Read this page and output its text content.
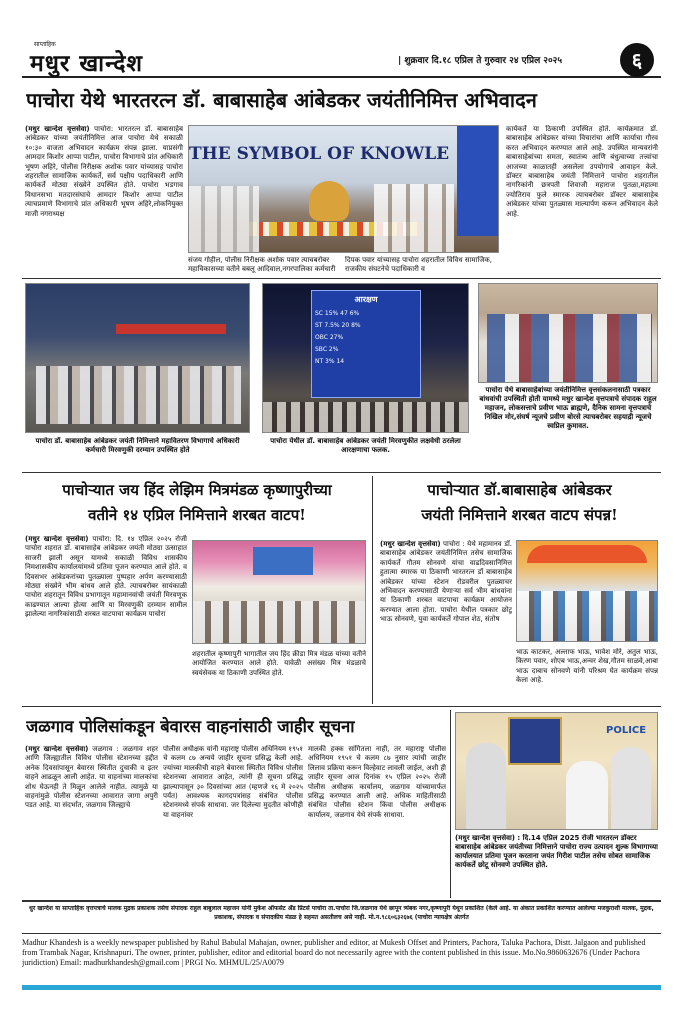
साप्ताहिक
मधुर खान्देश	| शुक्रवार दि.१८ एप्रिल ते गुरुवार २४ एप्रिल २०२५	६
पाचोरा येथे भारतरत्न डॉ. बाबासाहेब आंबेडकर जयंतीनिमित्त अभिवादन
(मधुर खान्देश वृत्तसेवा) पाचोरा: भारतरत्न डॉ. बाबासाहेब आंबेडकर यांच्या जयंतीनिमित्त आज पाचोरा येथे सकाळी १०:३० वाजता अभिवादन कार्यक्रम संपन्न झाला. याप्रसंगी आमदार किशोर आप्पा पाटील, पाचोरा विभागाचे प्रांत अधिकारी भूषण अहिरे, पोलीस निरीक्षक अशोक पवार यांच्यासह पाचोरा शहरातील सामाजिक कार्यकर्ते, सर्व पक्षीय पदाधिकारी आणि कार्यकर्ते मोठ्या संख्येने उपस्थित होते. पाचोरा भडगाव विधानसभा मतदारसंघाचे आमदार किशोर आप्पा पाटील त्याचप्रमाणे विभागाचे प्रांत अधिकारी भूषण अहिरे,लोकनियुक्त माजी नगराध्यक्ष
THE SYMBOL OF KNOWLE
संजय गोहील, पोलीस निरीक्षक अशोक पवार त्याचबरोबर महाविकासच्या वतीने बबलू आदिवाल,नगरपालिका कर्मचारी
दिपक पवार यांच्यासह पाचोरा शहरातील विविध सामाजिक, राजकीय संघटनेचे पदाधिकारी व
कार्यकर्ते या ठिकाणी उपस्थित होते. कार्यक्रमात डॉ. बाबासाहेब आंबेडकर यांच्या विचारांचा आणि कार्याचा गौरव करत अभिवादन करण्यात आले आहे. उपस्थित मान्यवरांनी बाबासाहेबांच्या समता, स्वातंत्र्य आणि बंधुत्वाच्या तत्त्वांचा आजच्या काळातही असलेला उपयोगाचे आवाहन केले. डॉक्टर बाबासाहेब जयंती निमित्ताने पाचोरा शहरातील नागरिकांनी छत्रपती शिवाजी महाराज पुतळा,महात्मा ज्योतिराव फुले स्मारक त्याचबरोबर डॉक्टर बाबासाहेब आंबेडकर यांच्या पुतळ्यास माल्यार्पण करून अभिवादन केले आहे.
पाचोरा डॉ. बाबासाहेब आंबेडकर जयंती निमित्ताने महावितरण विभागाचे अधिकारी कर्मचारी मिरवणुकी दरम्यान उपस्थित होते
आरक्षण
SC 15% 47 6%
ST 7.5% 20 8%
OBC 27%
SBC 2%
NT 3% 14
पाचोरा येथील डॉ. बाबासाहेब आंबेडकर जयंती मिरवणुकीत लक्षवेधी ठरलेला आरक्षणाचा फलक.
पाचोरा येथे बाबासाहेबांच्या जयंतीनिमित्त वृत्तसंकलनासाठी पत्रकार बांधवांची उपस्थिती होती यामध्ये मधुर खान्देश वृत्तपत्राचे संपादक राहुल महाजन, लोकसत्ताचे प्रवीण भाऊ ब्राह्मणे, दैनिक सामना वृत्तपत्राचे निखिल मोर,संघर्ष न्यूजचे प्रवीण बोरसे त्याचबरोबर सहयाद्री न्यूजचे स्वप्निल कुमावत.
पाचोऱ्यात जय हिंद लेझिम मित्रमंडळ कृष्णापुरीच्या
वतीने १४ एप्रिल निमित्ताने शरबत वाटप!
(मधुर खान्देश वृत्तसेवा) पाचोरा: दि. १४ एप्रिल २०२५ रोजी पाचोरा शहरात डॉ. बाबासाहेब आंबेडकर जयंती मोठ्या उत्साहात साजरी झाली असून यामध्ये सकाळी विविध शासकीय निमशासकीय कार्यालयांमध्ये प्रतिमा पूजन करण्यात आले होते. व दिवसभर आंबेडकरांच्या पुतळ्याला पुष्पहार अर्पण करण्यासाठी मोठ्या संख्येने भीम बांधव आले होते. त्याचबरोबर सायंकाळी पाचोरा शहरातून विविध प्रभागातून महामानवांची जयंती मिरवणूक काढण्यात आल्या होत्या आणि या मिरवणुकी दरम्यान सामील झालेल्या नागरिकांसाठी शरबत वाटपाचा कार्यक्रम पाचोरा
शहरातील कृष्णापुरी भागातील जय हिंद क्रीडा मित्र मंडळ यांच्या वतीने आयोजित करण्यात आले होते. यावेळी असंख्य मित्र मंडळाचे स्वयंसेवक या ठिकाणी उपस्थित होते.
पाचोऱ्यात डॉ.बाबासाहेब आंबेडकर
जयंती निमित्ताने शरबत वाटप संपन्न!
(मधुर खान्देश वृत्तसेवा) पाचोरा : येथे महामानव डॉ. बाबासाहेब आंबेडकर जयंतीनिमित्त तसेच सामाजिक कार्यकर्ते गौतम सोनवणे यांचा वाढदिवसानिमित्त हुतात्मा स्मारक या ठिकाणी भारतरत्न डॉ बाबासाहेब आंबेडकर यांच्या स्टेशन रोडवरील पुतळ्याचर अभिवादन करण्यासाठी येणाऱ्या सर्व भीम बांधवांना या ठिकाणी शरबत वाटपाचा कार्यक्रम आयोजन करण्यात आला होता. पाचोरा येथील पत्रकार छोटू भाऊ सोनवणे, युवा कार्यकर्ते गोपाल शेठ, संतोष
भाऊ काटकर, अल्ताफ भाऊ, भावेश मोरे, अतुल भाऊ, किरण पवार, शोएब भाऊ,अन्वर शेख,गौतम साळवे,आबा भाऊ दाबाच सोनवणे यांनी परिश्रम घेत कार्यक्रम संपन्न केला आहे.
जळगाव पोलिसांकडून बेवारस वाहनांसाठी जाहीर सूचना
(मधुर खान्देश वृत्तसेवा) जळगाव : जळगाव शहर आणि जिल्ह्यातील विविध पोलीस स्टेशनच्या हद्दीत अनेक दिवसांपासून बेवारस स्थितीत दुचाकी व इतर वाहने आढळून आली आहेत. या वाहनांच्या मालकांचा शोध घेऊनही ते मिळून आलेले नाहीत. त्यामुळे या वाहनांमुळे पोलीस स्टेशनच्या आवारात जागा अपुरी पडत आहे. या संदर्भात, जळगाव जिल्ह्याचे
पोलीस अधीक्षक यांनी महाराष्ट्र पोलीस अधिनियम १९५१ चे कलम ८७ अन्वये जाहीर सूचना प्रसिद्ध केली आहे. ज्यांच्या मालकीची वाहने बेवारस स्थितीत विविध पोलीस स्टेशनच्या आवारात आहेत, त्यांनी ही सूचना प्रसिद्ध झाल्यापासून ३० दिवसांच्या आत (म्हणजे १६ मे २०२५ पर्यंत) आवश्यक कागदपत्रांसह संबंधित पोलीस स्टेशनमध्ये संपर्क साधावा. जर दिलेल्या मुदतीत कोणीही या वाहनांवर
मालकी हक्क सांगितला नाही, तर महाराष्ट्र पोलीस अधिनियम १९५१ चे कलम ८७ नुसार त्यांची जाहीर लिलाव प्रक्रिया करून विल्हेवाट लावली जाईल, अशी ही जाहीर सूचना आज दिनांक १५ एप्रिल २०२५ रोजी पोलीस अधीक्षक कार्यालय, जळगाव यांच्यामार्फत प्रसिद्ध करण्यात आली आहे. अधिक माहितीसाठी संबंधित पोलीस स्टेशन किंवा पोलीस अधीक्षक कार्यालय, जळगाव येथे संपर्क साधावा.
POLICE
(मधुर खान्देश वृत्तसेवा) : दि.14 एप्रिल 2025 रोजी भारतरत्न डॉक्टर बाबासाहेब आंबेडकर जयंतीच्या निमित्ताने पाचोरा राज्य उत्पादन शुल्क विभागाच्या कार्यालयात प्रतिमा पूजन करताना जयंत गिरीश पाटील तसेच सोबत सामाजिक कार्यकर्ते छोटू सोनवणे उपस्थित होते.
धुर खान्देश या साप्ताहिक वृत्तपत्राचे मालक मुद्रक प्रकाशक तसेच संपादक राहुल बाबुलाल महाजन यांनी मुकेश ऑफसेट अँड प्रिंटर्स पाचोरा ता.पाचोरा जि.जळगाव येथे छापून त्र्यंबक नगर,कृष्णापुरी येथून प्रकाशित (केले आहे. या अंकात प्रकाशित करण्यात आलेल्या मजकुराशी मालक, मुद्रक, प्रकाशक, संपादक व संपादकीय मंडळ हे सहमत असतीलच असे नाही. मो.न.९८६०६३२६७६ (पाचोरा न्यायक्षेत्र अंतर्गत
Madhur Khandesh is a weekly newspaper published by Rahul Babulal Mahajan, owner, publisher and editor, at Mukesh Offset and Printers, Pachora, Taluka Pachora, Distt. Jalgaon and published from Trambak Nagar, Krishnapuri. The owner, printer, publisher, editor and editorial board do not necessarily agree with the content published in this issue. Mo.No.9860632676 (Under Pachora juridiction) Email: madhurkhandesh@gmail.com | PRGI No. MHMUL/25/A0079
